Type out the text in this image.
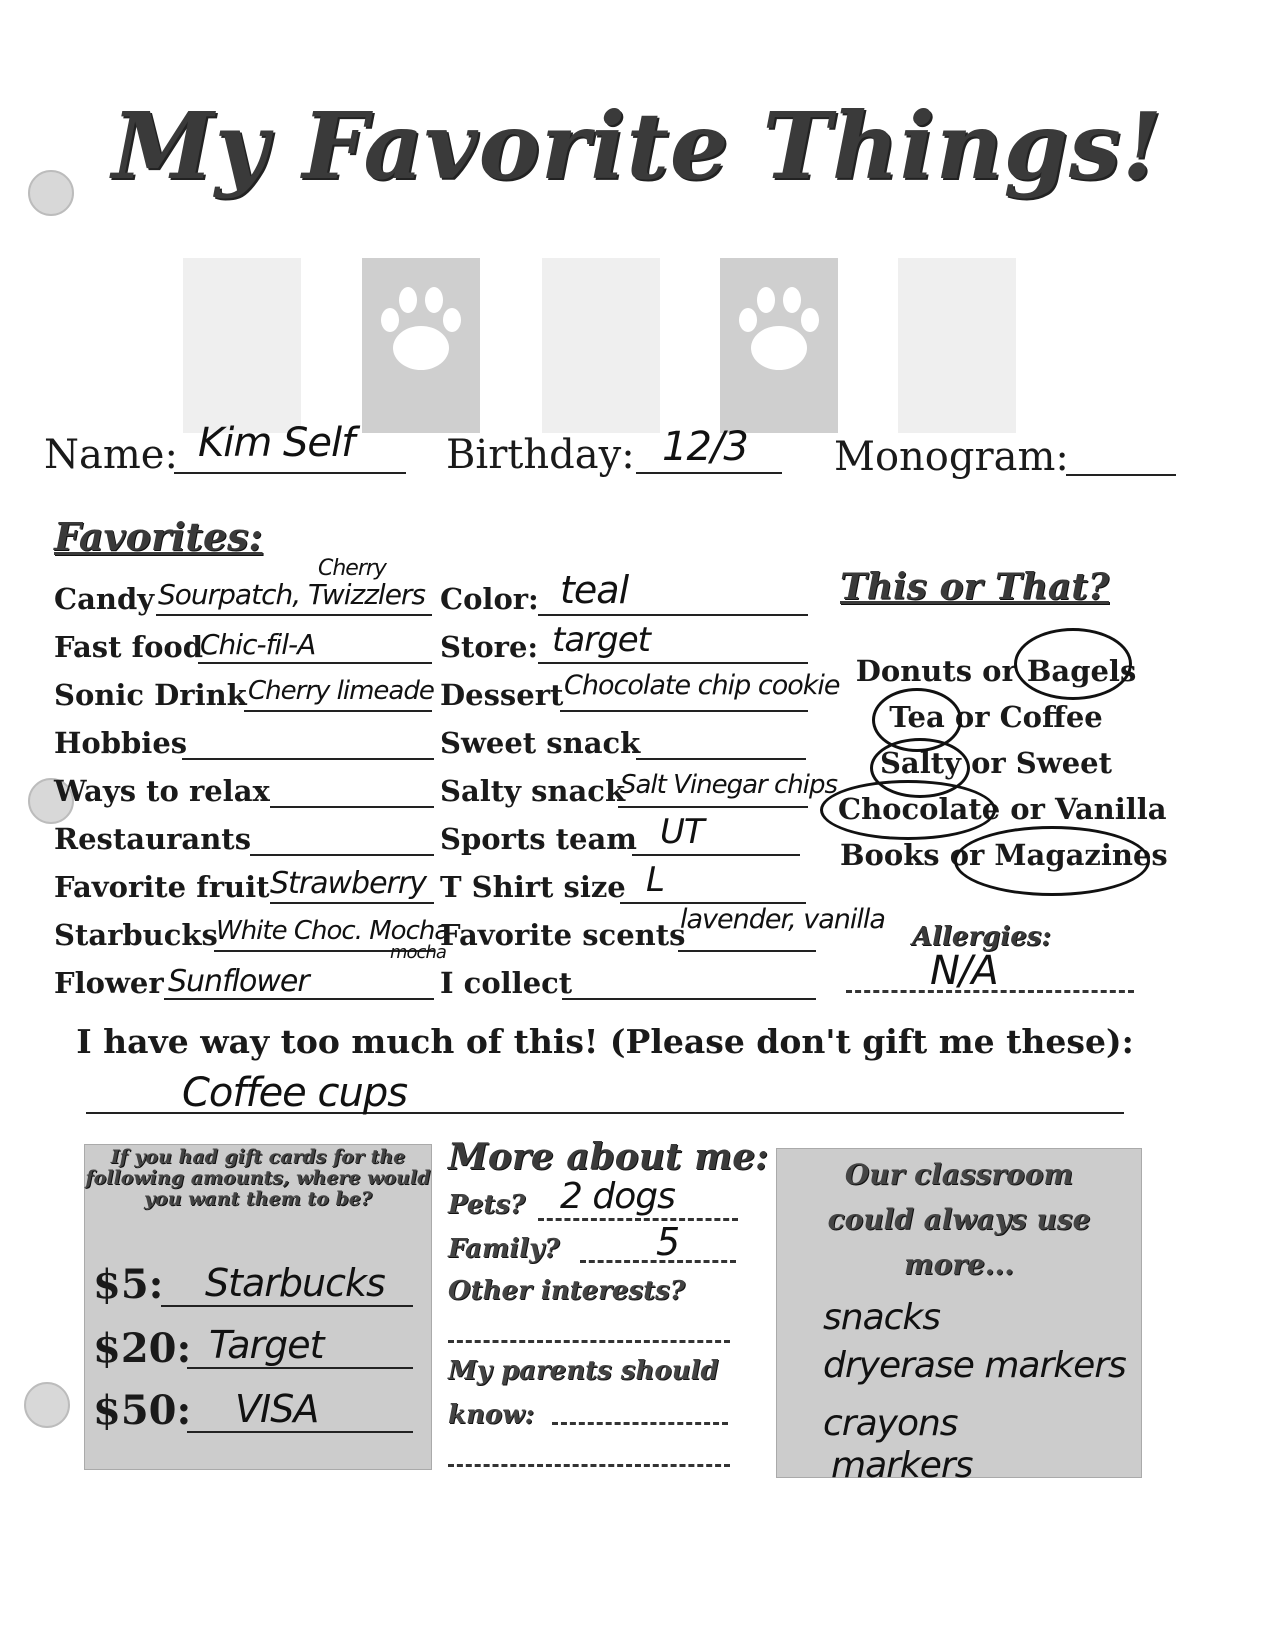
My Favorite Things!
Name: Kim Self Birthday: 12/3 Monogram:
Favorites:
Candy Sourpatch, Twizzlers
Cherry
Fast food
Chic-fil-A
Sonic Drink Cherry limeade
Hobbies
Ways to relax
Restaurants
Favorite fruit Strawberry
Starbucks
White Choc. Mocha
mocha
Flower Sunflower
Color: teal
Store: target
Dessert Chocolate chip cookie
Sweet snack
Salty snack
Salt Vinegar chips
Sports team UT
T Shirt size L
Favorite scents
lavender, vanilla
I collect
This or That?
Donuts or Bagels
Tea or Coffee
Salty or Sweet
Chocolate or Vanilla
Books or Magazines
Allergies:
N/A
I have way too much of this! (Please don't gift me these):
Coffee cups
If you had gift cards for the following amounts, where would you want them to be?
$5: Starbucks
$20: Target
$50: VISA
More about me:
Pets? 2 dogs
Family?	5
Other interests?
My parents should
know:
Our classroom could always use more...
snacks
dryerase markers
crayons
markers
